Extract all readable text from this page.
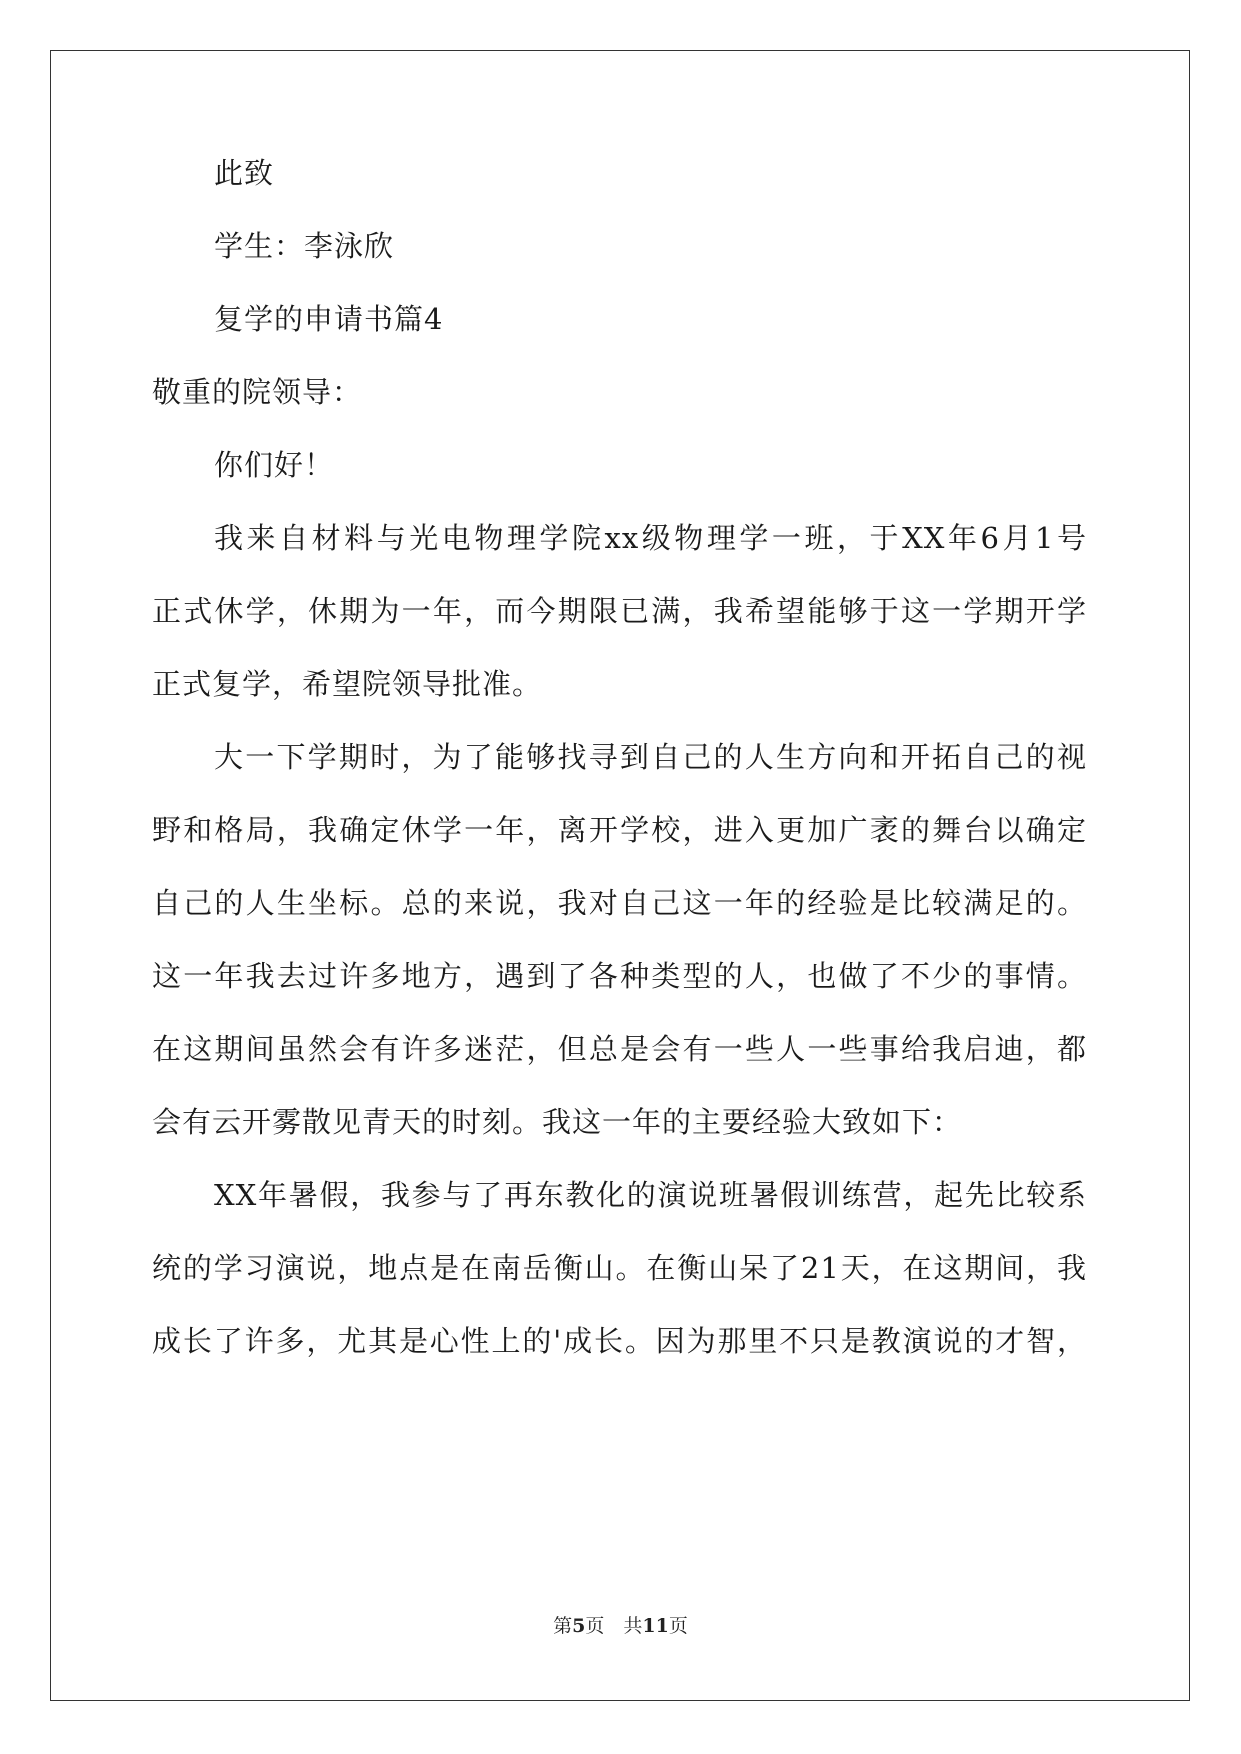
此致
学生：李泳欣
复学的申请书篇4
敬重的院领导：
你们好！
我来自材料与光电物理学院xx级物理学一班，于XX年6月1号
正式休学，休期为一年，而今期限已满，我希望能够于这一学期开学
正式复学，希望院领导批准。
大一下学期时，为了能够找寻到自己的人生方向和开拓自己的视
野和格局，我确定休学一年，离开学校，进入更加广袤的舞台以确定
自己的人生坐标。总的来说，我对自己这一年的经验是比较满足的。
这一年我去过许多地方，遇到了各种类型的人，也做了不少的事情。
在这期间虽然会有许多迷茫，但总是会有一些人一些事给我启迪，都
会有云开雾散见青天的时刻。我这一年的主要经验大致如下：
XX年暑假，我参与了再东教化的演说班暑假训练营，起先比较系
统的学习演说，地点是在南岳衡山。在衡山呆了21天，在这期间，我
成长了许多，尤其是心性上的'成长。因为那里不只是教演说的才智，
第5页　共11页
